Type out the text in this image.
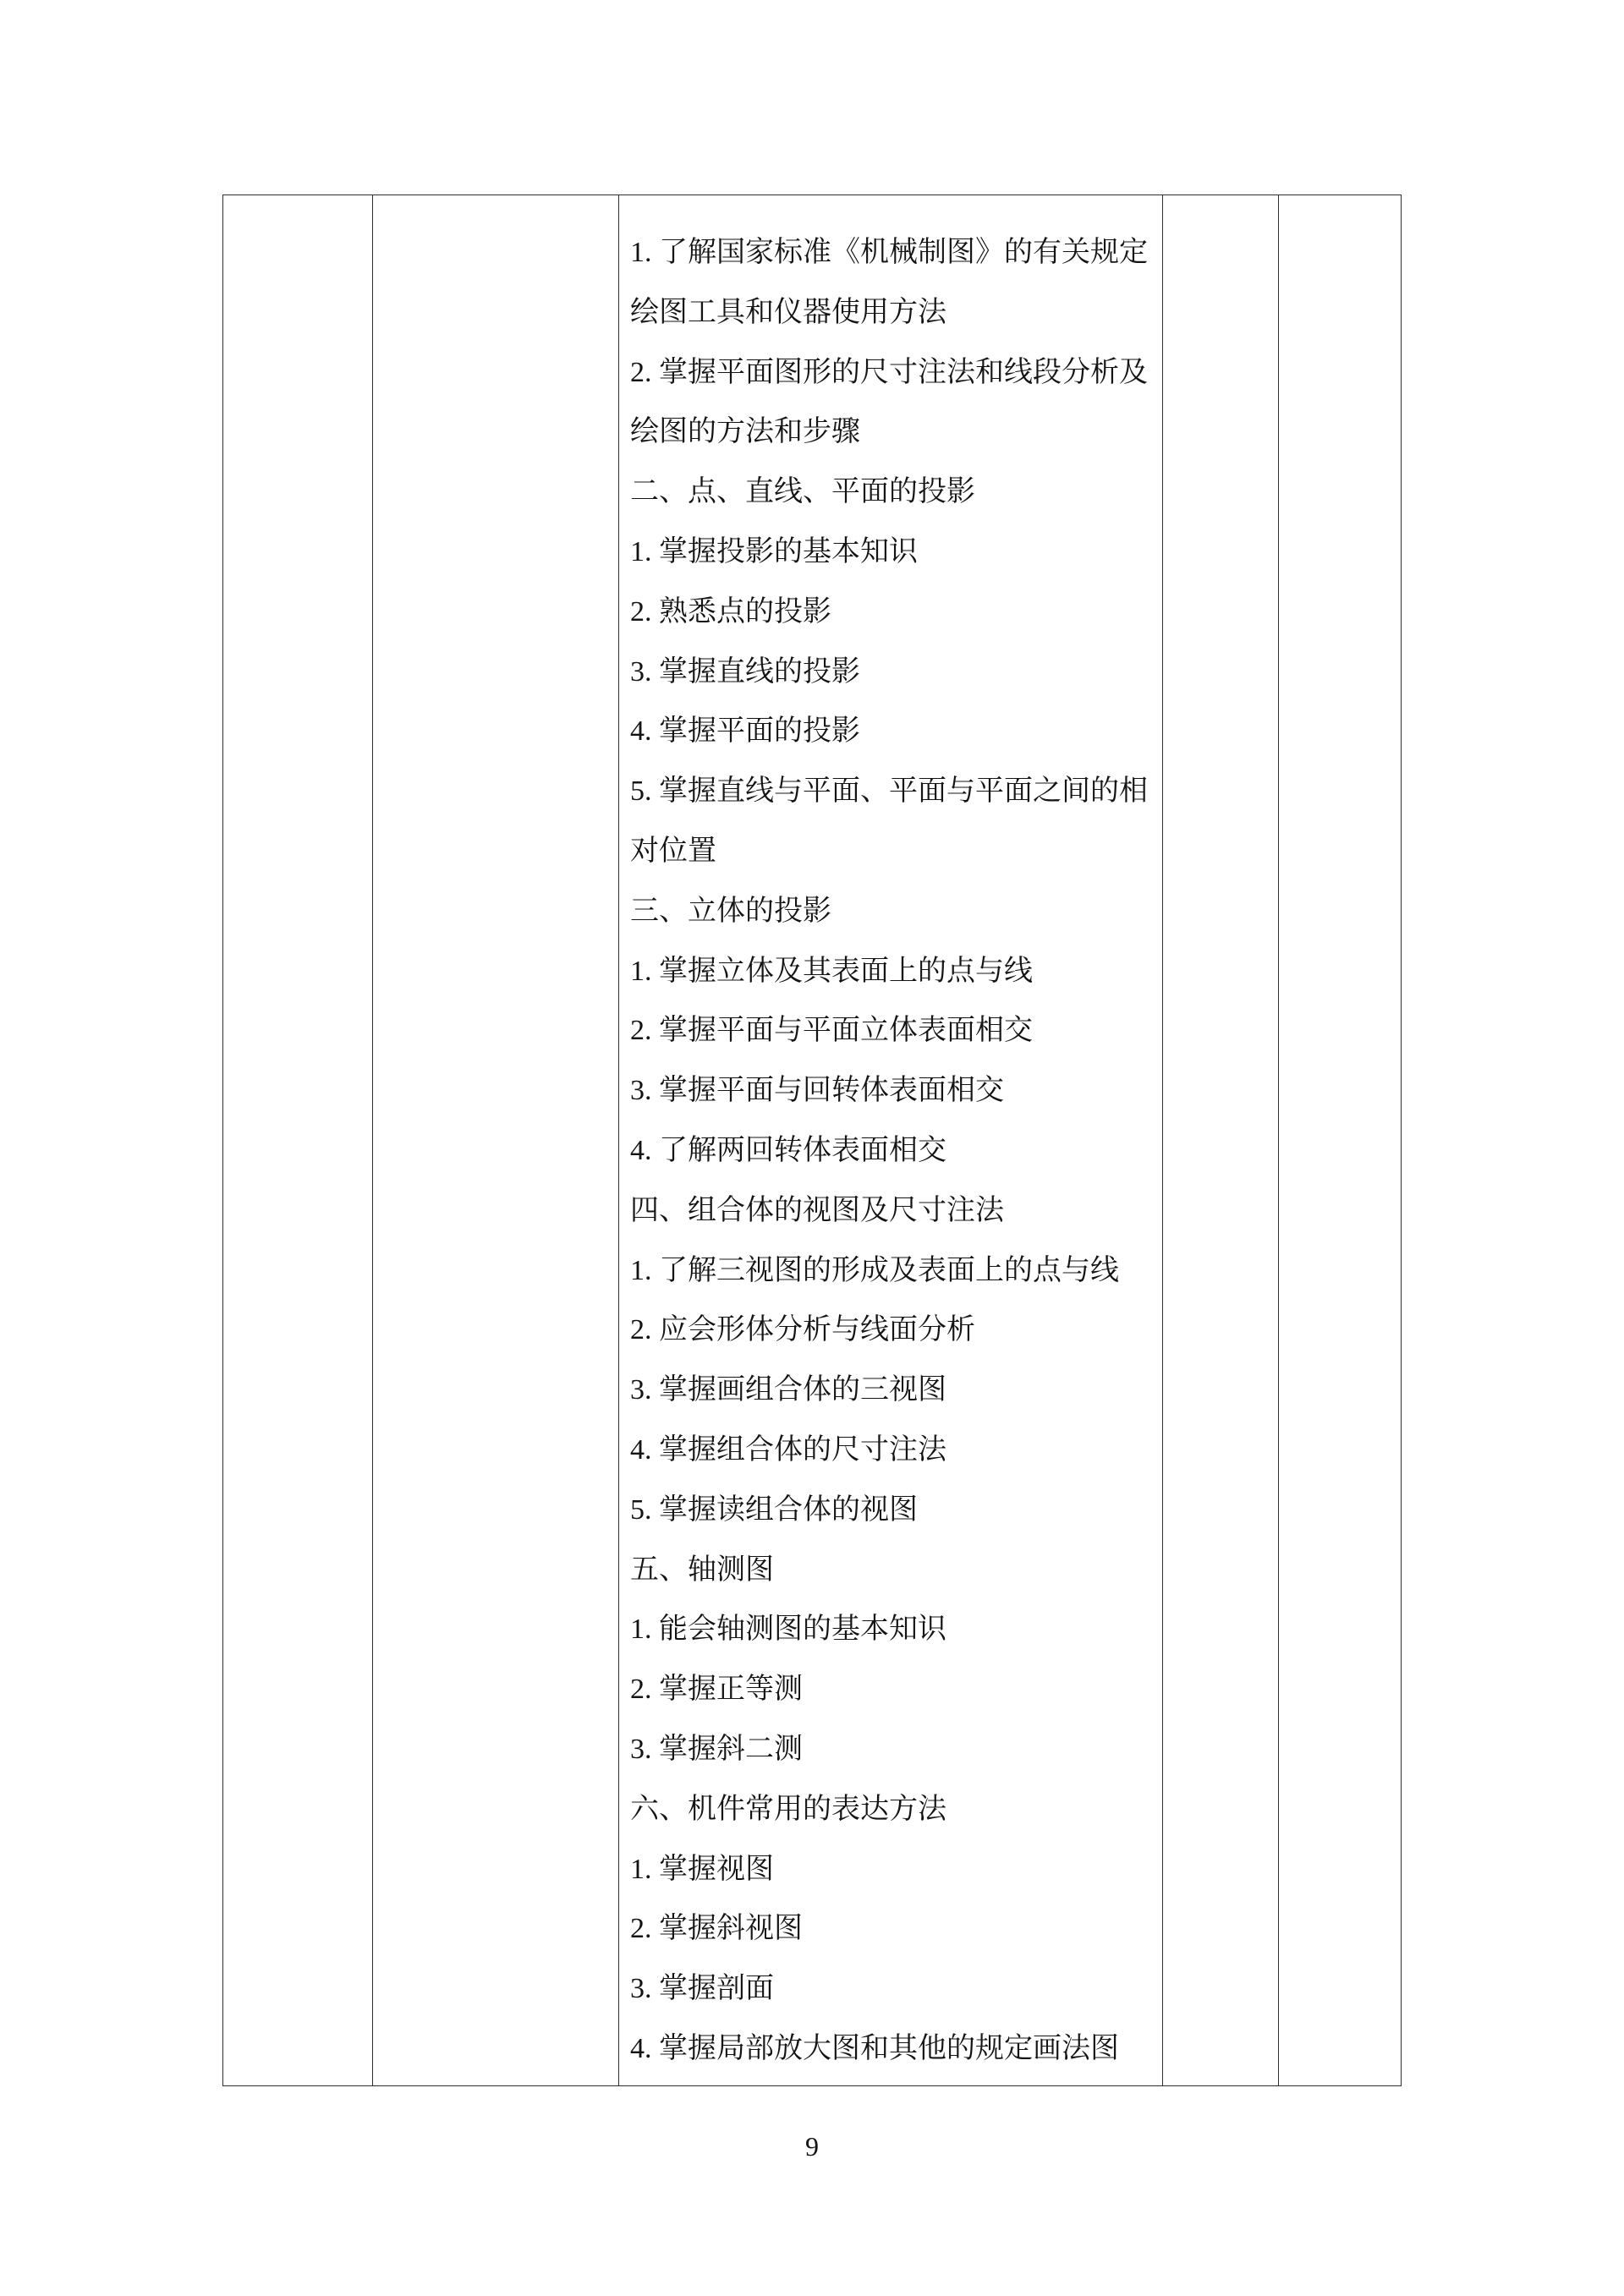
1. 了解国家标准《机械制图》的有关规定
绘图工具和仪器使用方法
2. 掌握平面图形的尺寸注法和线段分析及
绘图的方法和步骤
二、点、直线、平面的投影
1. 掌握投影的基本知识
2. 熟悉点的投影
3. 掌握直线的投影
4. 掌握平面的投影
5. 掌握直线与平面、平面与平面之间的相
对位置
三、立体的投影
1. 掌握立体及其表面上的点与线
2. 掌握平面与平面立体表面相交
3. 掌握平面与回转体表面相交
4. 了解两回转体表面相交
四、组合体的视图及尺寸注法
1. 了解三视图的形成及表面上的点与线
2. 应会形体分析与线面分析
3. 掌握画组合体的三视图
4. 掌握组合体的尺寸注法
5. 掌握读组合体的视图
五、轴测图
1. 能会轴测图的基本知识
2. 掌握正等测
3. 掌握斜二测
六、机件常用的表达方法
1. 掌握视图
2. 掌握斜视图
3. 掌握剖面
4. 掌握局部放大图和其他的规定画法图
9
